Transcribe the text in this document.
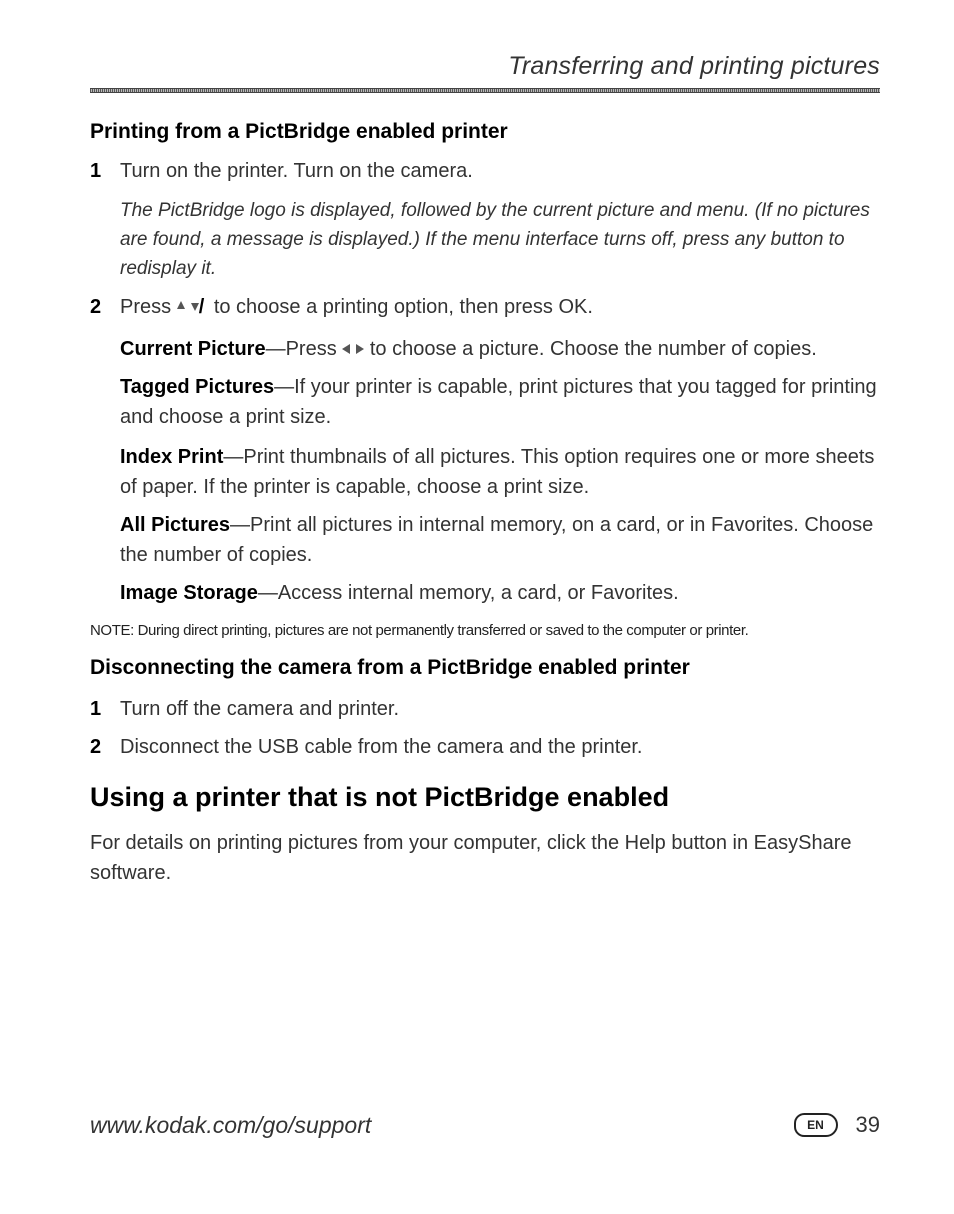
Transferring and printing pictures
Printing from a PictBridge enabled printer
1 Turn on the printer. Turn on the camera.
The PictBridge logo is displayed, followed by the current picture and menu. (If no pictures are found, a message is displayed.) If the menu interface turns off, press any button to redisplay it.
2 Press / to choose a printing option, then press OK.
Current Picture—Press to choose a picture. Choose the number of copies.
Tagged Pictures—If your printer is capable, print pictures that you tagged for printing and choose a print size.
Index Print—Print thumbnails of all pictures. This option requires one or more sheets of paper. If the printer is capable, choose a print size.
All Pictures—Print all pictures in internal memory, on a card, or in Favorites. Choose the number of copies.
Image Storage—Access internal memory, a card, or Favorites.
NOTE: During direct printing, pictures are not permanently transferred or saved to the computer or printer.
Disconnecting the camera from a PictBridge enabled printer
1 Turn off the camera and printer.
2 Disconnect the USB cable from the camera and the printer.
Using a printer that is not PictBridge enabled
For details on printing pictures from your computer, click the Help button in EasyShare software.
www.kodak.com/go/support	EN	39
